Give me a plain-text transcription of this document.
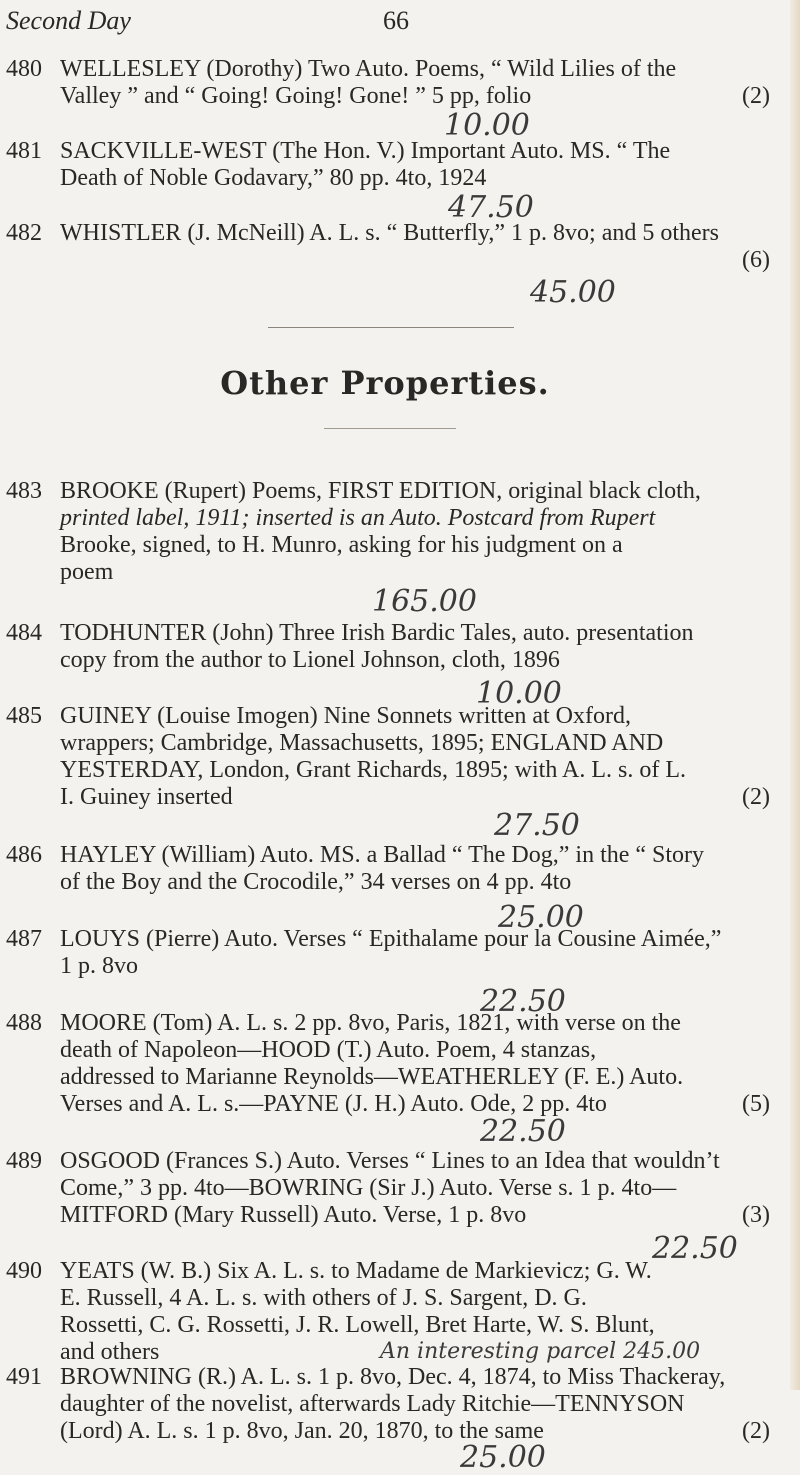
Second Day	66
480 WELLESLEY (Dorothy) Two Auto. Poems, “ Wild Lilies of the
Valley ” and “ Going! Going! Gone! ” 5 pp, folio	(2)
10.00
481 SACKVILLE-WEST (The Hon. V.) Important Auto. MS. “ The
Death of Noble Godavary,” 80 pp. 4to, 1924
47.50
482 WHISTLER (J. McNeill) A. L. s. “ Butterfly,” 1 p. 8vo; and 5 others
(6)
45.00
Other Properties.
483 BROOKE (Rupert) Poems, FIRST EDITION, original black cloth,
printed label, 1911; inserted is an Auto. Postcard from Rupert
Brooke, signed, to H. Munro, asking for his judgment on a
poem
165.00
484 TODHUNTER (John) Three Irish Bardic Tales, auto. presentation
copy from the author to Lionel Johnson, cloth, 1896
10.00
485 GUINEY (Louise Imogen) Nine Sonnets written at Oxford,
wrappers; Cambridge, Massachusetts, 1895; ENGLAND AND
YESTERDAY, London, Grant Richards, 1895; with A. L. s. of L.
I. Guiney inserted	(2)
27.50
486 HAYLEY (William) Auto. MS. a Ballad “ The Dog,” in the “ Story
of the Boy and the Crocodile,” 34 verses on 4 pp. 4to
25.00
487 LOUYS (Pierre) Auto. Verses “ Epithalame pour la Cousine Aimée,”
1 p. 8vo
22.50
488 MOORE (Tom) A. L. s. 2 pp. 8vo, Paris, 1821, with verse on the
death of Napoleon—HOOD (T.) Auto. Poem, 4 stanzas,
addressed to Marianne Reynolds—WEATHERLEY (F. E.) Auto.
Verses and A. L. s.—PAYNE (J. H.) Auto. Ode, 2 pp. 4to	(5)
22.50
489 OSGOOD (Frances S.) Auto. Verses “ Lines to an Idea that wouldn’t
Come,” 3 pp. 4to—BOWRING (Sir J.) Auto. Verse s. 1 p. 4to—
MITFORD (Mary Russell) Auto. Verse, 1 p. 8vo	(3)
22.50
490 YEATS (W. B.) Six A. L. s. to Madame de Markievicz; G. W.
E. Russell, 4 A. L. s. with others of J. S. Sargent, D. G.
Rossetti, C. G. Rossetti, J. R. Lowell, Bret Harte, W. S. Blunt,
and others	An interesting parcel 245.00
491 BROWNING (R.) A. L. s. 1 p. 8vo, Dec. 4, 1874, to Miss Thackeray,
daughter of the novelist, afterwards Lady Ritchie—TENNYSON
(Lord) A. L. s. 1 p. 8vo, Jan. 20, 1870, to the same	(2)
25.00
